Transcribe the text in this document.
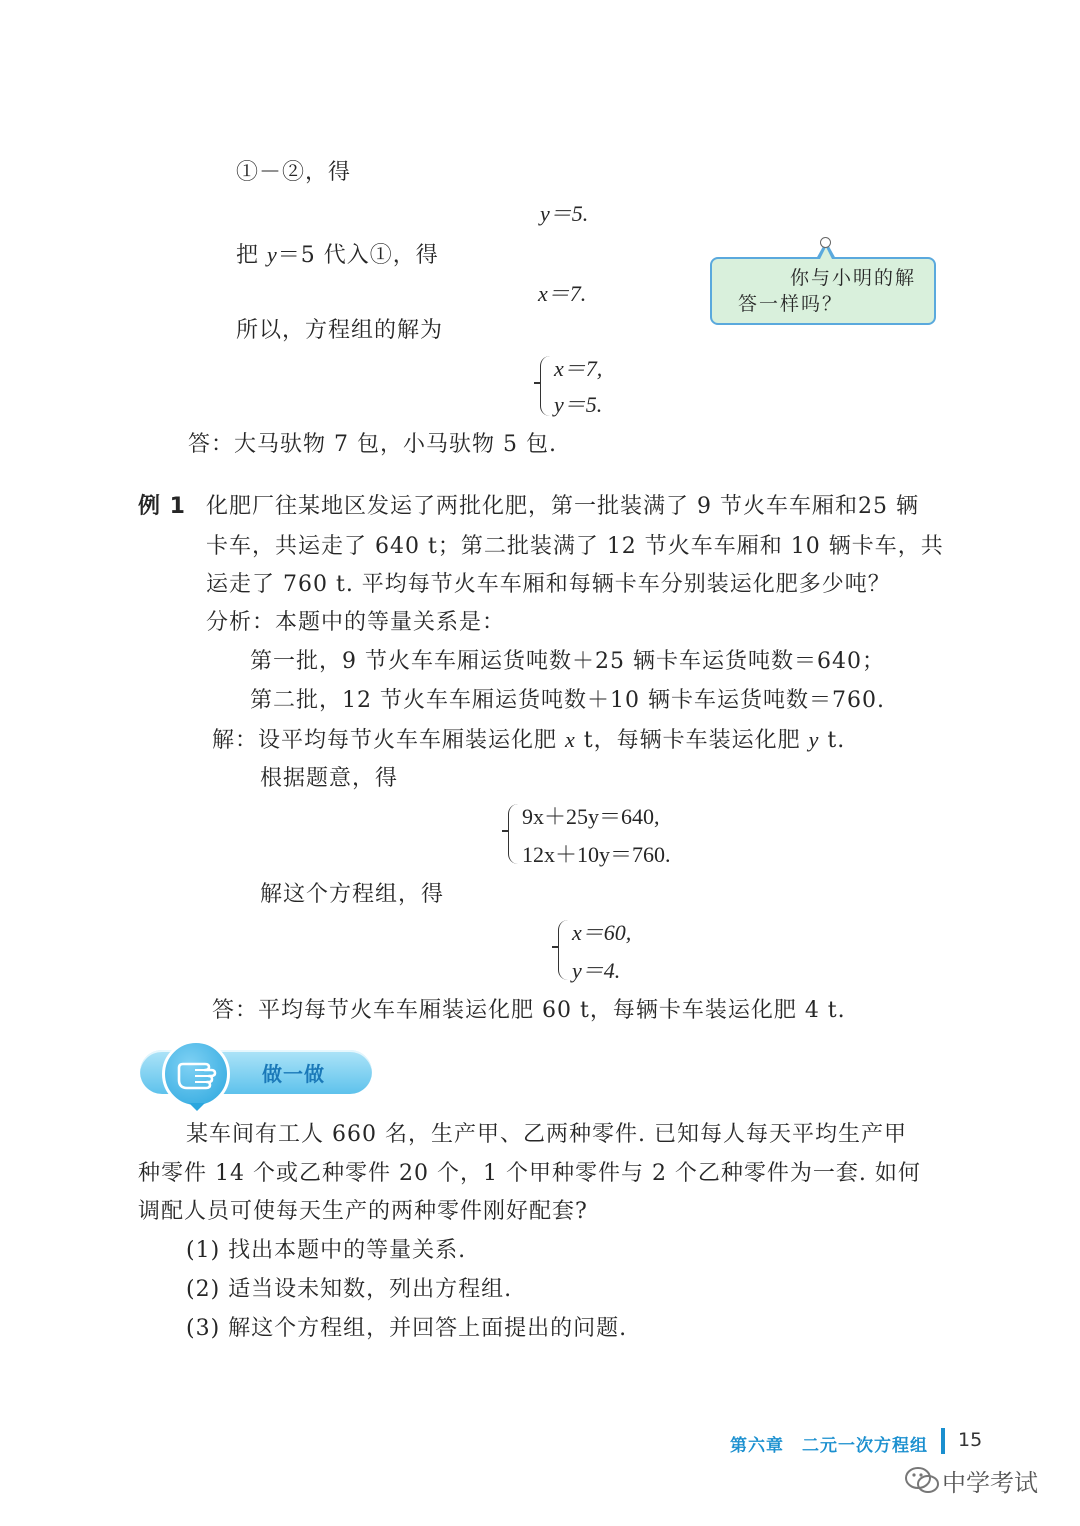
①－②，得
y＝5.
把 y＝5 代入①，得
x＝7.
所以，方程组的解为
x＝7,
y＝5.
答：大马驮物 7 包，小马驮物 5 包.
你与小明的解
答一样吗？
例 1 化肥厂往某地区发运了两批化肥，第一批装满了 9 节火车车厢和25 辆
卡车，共运走了 640 t；第二批装满了 12 节火车车厢和 10 辆卡车，共
运走了 760 t. 平均每节火车车厢和每辆卡车分别装运化肥多少吨？
分析：本题中的等量关系是：
第一批，9 节火车车厢运货吨数＋25 辆卡车运货吨数＝640；
第二批，12 节火车车厢运货吨数＋10 辆卡车运货吨数＝760.
解：设平均每节火车车厢装运化肥 x t，每辆卡车装运化肥 y t.
根据题意，得
9x＋25y＝640,
12x＋10y＝760.
解这个方程组，得
x＝60,
y＝4.
答：平均每节火车车厢装运化肥 60 t，每辆卡车装运化肥 4 t.
做一做
某车间有工人 660 名，生产甲、乙两种零件. 已知每人每天平均生产甲
种零件 14 个或乙种零件 20 个，1 个甲种零件与 2 个乙种零件为一套. 如何
调配人员可使每天生产的两种零件刚好配套?
(1) 找出本题中的等量关系.
(2) 适当设未知数，列出方程组.
(3) 解这个方程组，并回答上面提出的问题.
第六章　二元一次方程组 15
中学考试
